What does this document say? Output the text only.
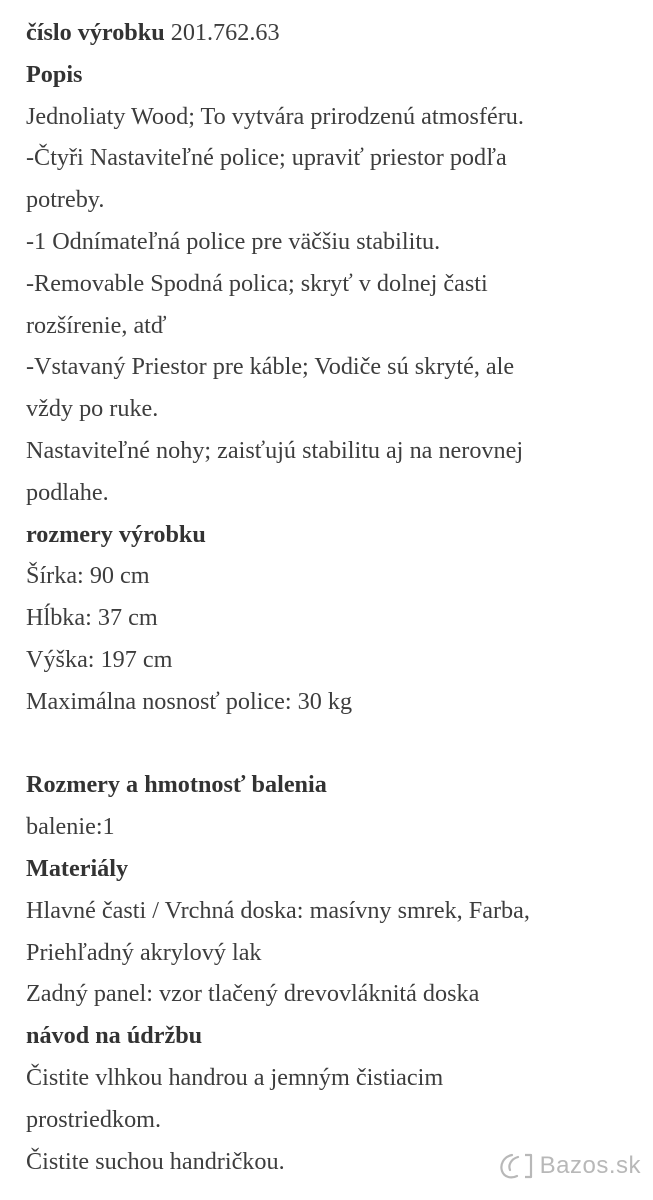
číslo výrobku 201.762.63
Popis
Jednoliaty Wood; To vytvára prirodzenú atmosféru.
-Čtyři Nastaviteľné police; upraviť priestor podľa
potreby.
-1 Odnímateľná police pre väčšiu stabilitu.
-Removable Spodná polica; skryť v dolnej časti
rozšírenie, atď
-Vstavaný Priestor pre káble; Vodiče sú skryté, ale
vždy po ruke.
Nastaviteľné nohy; zaisťujú stabilitu aj na nerovnej
podlahe.
rozmery výrobku
Šírka: 90 cm
Hĺbka: 37 cm
Výška: 197 cm
Maximálna nosnosť police: 30 kg
Rozmery a hmotnosť balenia
balenie:1
Materiály
Hlavné časti / Vrchná doska: masívny smrek, Farba,
Priehľadný akrylový lak
Zadný panel: vzor tlačený drevovláknitá doska
návod na údržbu
Čistite vlhkou handrou a jemným čistiacim
prostriedkom.
Čistite suchou handričkou.	Bazos.sk
